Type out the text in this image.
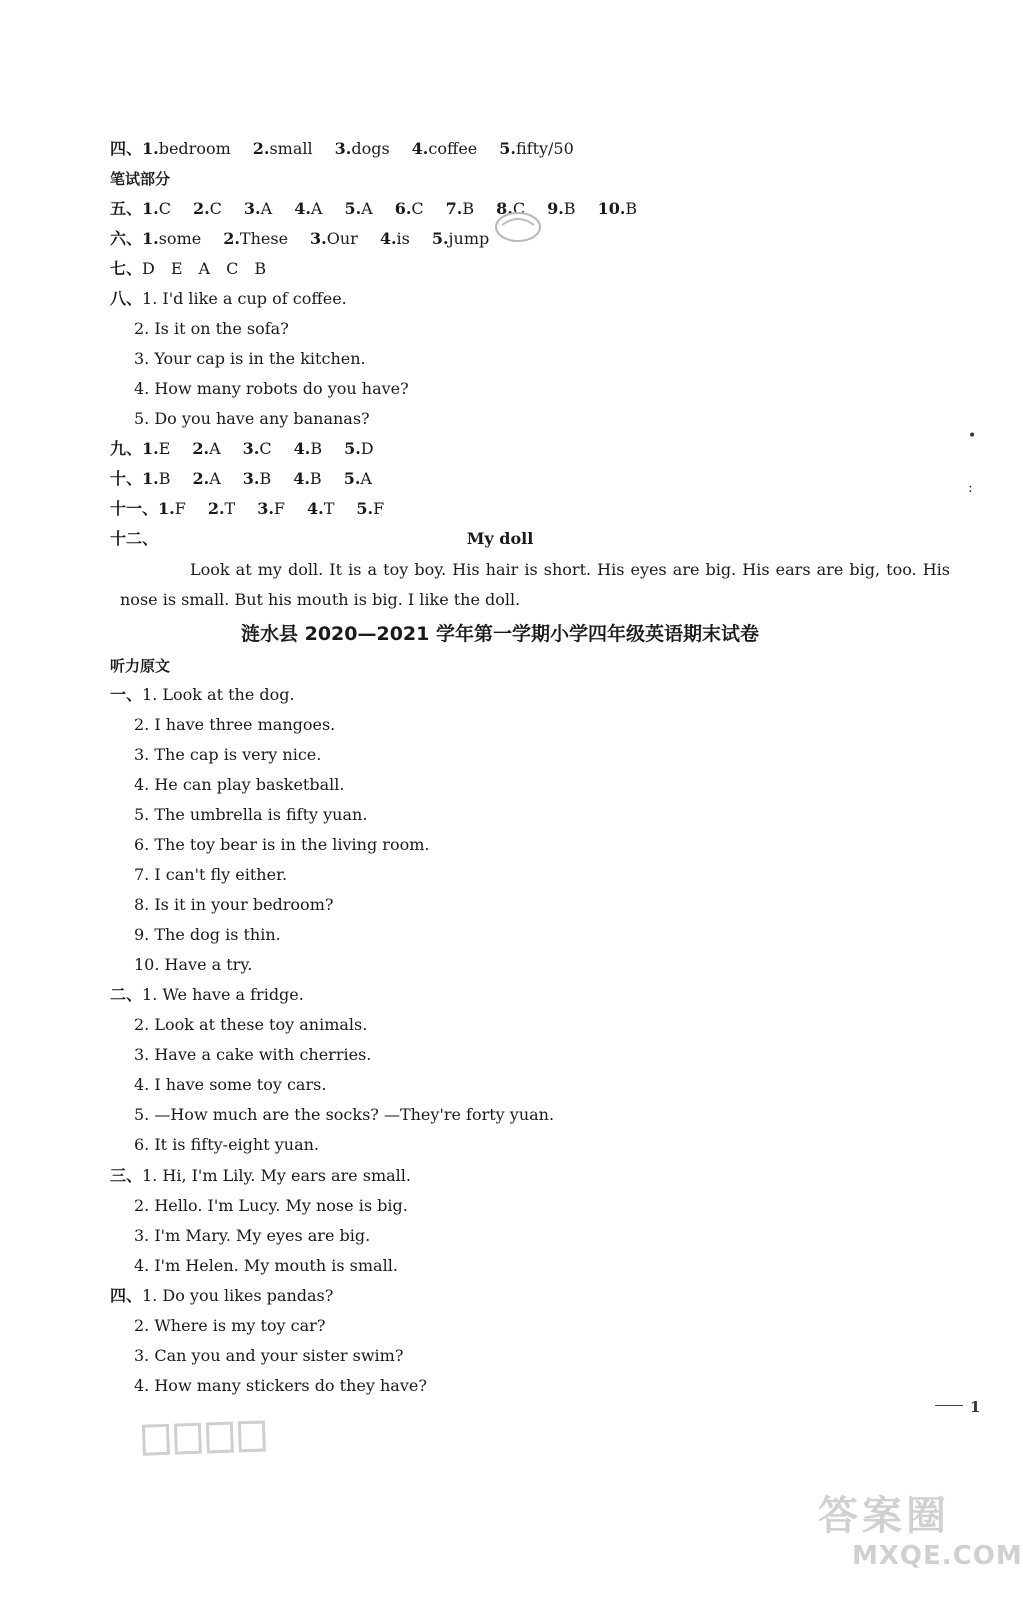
四、1.bedroom 2.small 3.dogs 4.coffee 5.fifty/50
笔试部分
五、1.C 2.C 3.A 4.A 5.A 6.C 7.B 8.C 9.B 10.B
六、1.some 2.These 3.Our 4.is 5.jump
七、D　E　A　C　B
八、1. I'd like a cup of coffee.
2. Is it on the sofa?
3. Your cap is in the kitchen.
4. How many robots do you have?
5. Do you have any bananas?
九、1.E 2.A 3.C 4.B 5.D
十、1.B 2.A 3.B 4.B 5.A
十一、1.F 2.T 3.F 4.T 5.F
十二、	My doll
Look at my doll. It is a toy boy. His hair is short. His eyes are big. His ears are big, too. His nose is small. But his mouth is big. I like the doll.
涟水县 2020—2021 学年第一学期小学四年级英语期末试卷
听力原文
一、1. Look at the dog.
2. I have three mangoes.
3. The cap is very nice.
4. He can play basketball.
5. The umbrella is fifty yuan.
6. The toy bear is in the living room.
7. I can't fly either.
8. Is it in your bedroom?
9. The dog is thin.
10. Have a try.
二、1. We have a fridge.
2. Look at these toy animals.
3. Have a cake with cherries.
4. I have some toy cars.
5. —How much are the socks? —They're forty yuan.
6. It is fifty-eight yuan.
三、1. Hi, I'm Lily. My ears are small.
2. Hello. I'm Lucy. My nose is big.
3. I'm Mary. My eyes are big.
4. I'm Helen. My mouth is small.
四、1. Do you likes pandas?
2. Where is my toy car?
3. Can you and your sister swim?
4. How many stickers do they have?
1
•
:
答案圈
MXQE.COM
